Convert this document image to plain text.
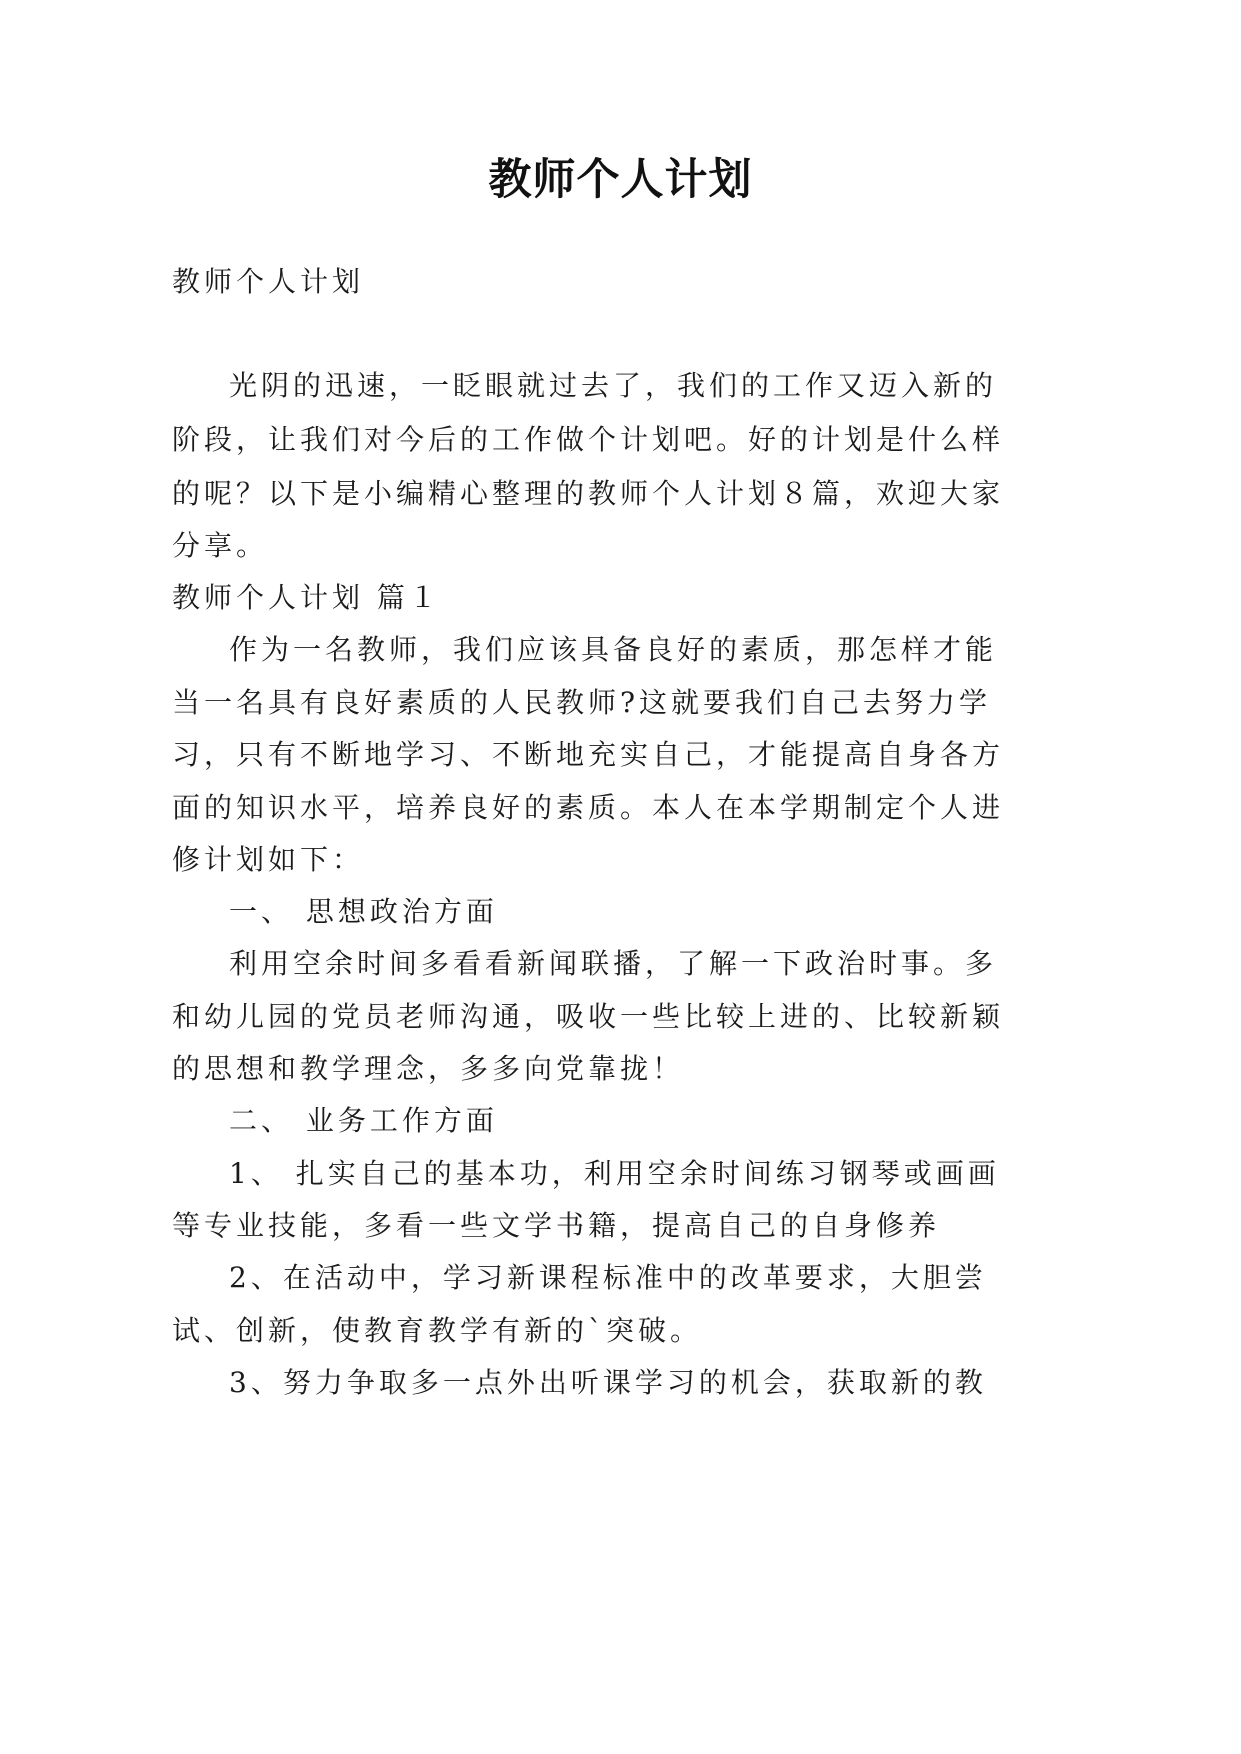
教师个人计划
教师个人计划
光阴的迅速，一眨眼就过去了，我们的工作又迈入新的
阶段，让我们对今后的工作做个计划吧。好的计划是什么样
的呢？以下是小编精心整理的教师个人计划８篇，欢迎大家
分享。
教师个人计划 篇１
作为一名教师，我们应该具备良好的素质，那怎样才能
当一名具有良好素质的人民教师?这就要我们自己去努力学
习，只有不断地学习、不断地充实自己，才能提高自身各方
面的知识水平，培养良好的素质。本人在本学期制定个人进
修计划如下：
一、 思想政治方面
利用空余时间多看看新闻联播，了解一下政治时事。多
和幼儿园的党员老师沟通，吸收一些比较上进的、比较新颖
的思想和教学理念，多多向党靠拢！
二、 业务工作方面
1、 扎实自己的基本功，利用空余时间练习钢琴或画画
等专业技能，多看一些文学书籍，提高自己的自身修养
2、在活动中，学习新课程标准中的改革要求，大胆尝
试、创新，使教育教学有新的`突破。
3、努力争取多一点外出听课学习的机会，获取新的教
